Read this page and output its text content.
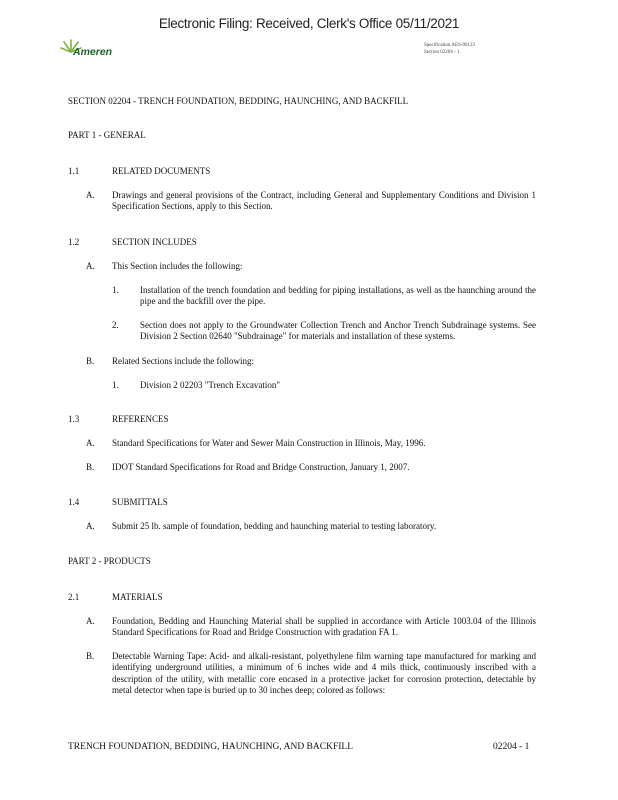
Electronic Filing: Received, Clerk's Office 05/11/2021
Ameren
Specification AES-00123
Section 02204 - 1
SECTION 02204 - TRENCH FOUNDATION, BEDDING, HAUNCHING, AND BACKFILL
PART 1 - GENERAL
1.1	RELATED DOCUMENTS
A. Drawings and general provisions of the Contract, including General and Supplementary Conditions and Division 1 Specification Sections, apply to this Section.
1.2	SECTION INCLUDES
A. This Section includes the following:
1. Installation of the trench foundation and bedding for piping installations, as well as the haunching around the pipe and the backfill over the pipe.
2. Section does not apply to the Groundwater Collection Trench and Anchor Trench Subdrainage systems. See Division 2 Section 02640 "Subdrainage" for materials and installation of these systems.
B. Related Sections include the following:
1. Division 2 02203 "Trench Excavation"
1.3	REFERENCES
A. Standard Specifications for Water and Sewer Main Construction in Illinois, May, 1996.
B. IDOT Standard Specifications for Road and Bridge Construction, January 1, 2007.
1.4	SUBMITTALS
A. Submit 25 lb. sample of foundation, bedding and haunching material to testing laboratory.
PART 2 - PRODUCTS
2.1	MATERIALS
A. Foundation, Bedding and Haunching Material shall be supplied in accordance with Article 1003.04 of the Illinois Standard Specifications for Road and Bridge Construction with gradation FA 1.
B. Detectable Warning Tape: Acid- and alkali-resistant, polyethylene film warning tape manufactured for marking and identifying underground utilities, a minimum of 6 inches wide and 4 mils thick, continuously inscribed with a description of the utility, with metallic core encased in a protective jacket for corrosion protection, detectable by metal detector when tape is buried up to 30 inches deep; colored as follows:
TRENCH FOUNDATION, BEDDING, HAUNCHING, AND BACKFILL	02204 - 1
